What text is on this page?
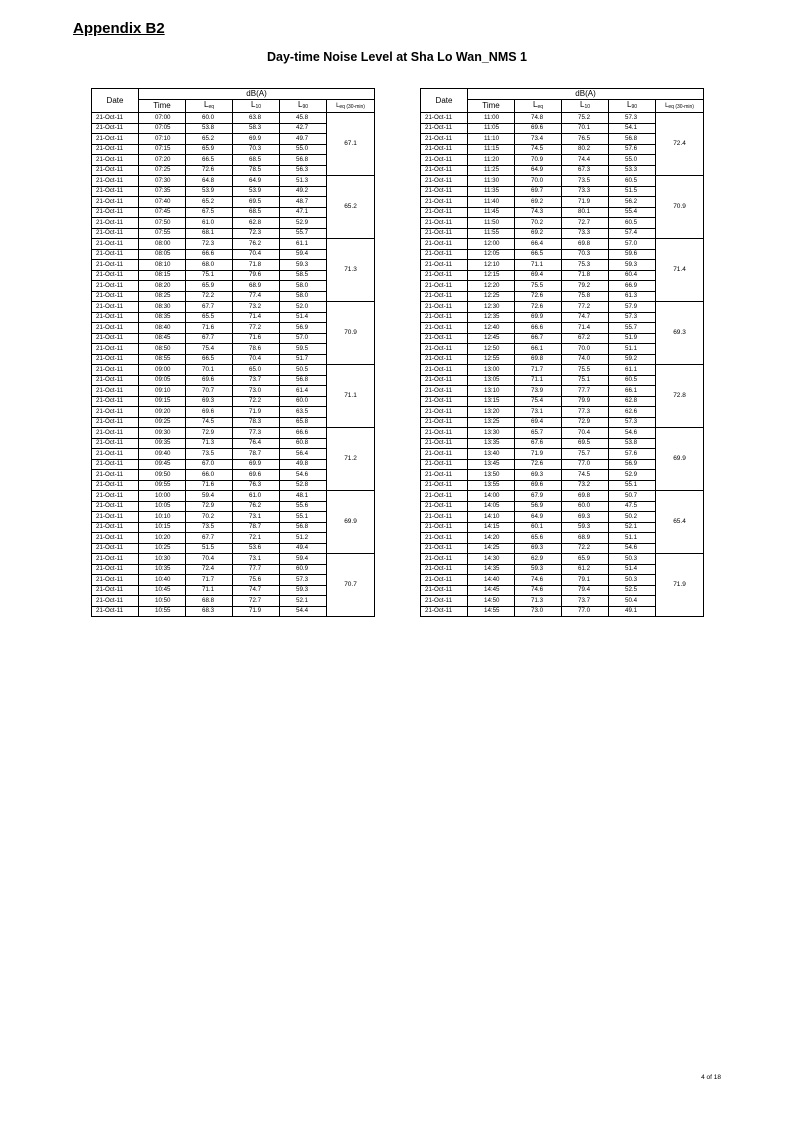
Appendix B2
Day-time Noise Level at Sha Lo Wan_NMS 1
Date	dB(A)				
	Time	$L_{eq}$	$L_{10}$	$L_{90}$	$L_{eq (30-min)}$
21-Oct-11	07:00	60.0	63.8	45.8	67.1
21-Oct-11	07:05	53.8	58.3	42.7	
21-Oct-11	07:10	65.2	69.9	49.7	
21-Oct-11	07:15	65.9	70.3	55.0	
21-Oct-11	07:20	66.5	68.5	56.8	
21-Oct-11	07:25	72.6	78.5	56.3	
21-Oct-11	07:30	64.8	64.9	51.3	65.2
21-Oct-11	07:35	53.9	53.9	49.2	
21-Oct-11	07:40	65.2	69.5	48.7	
21-Oct-11	07:45	67.5	68.5	47.1	
21-Oct-11	07:50	61.0	62.8	52.9	
21-Oct-11	07:55	68.1	72.3	55.7	
21-Oct-11	08:00	72.3	76.2	61.1	71.3
21-Oct-11	08:05	66.6	70.4	59.4	
21-Oct-11	08:10	68.0	71.8	59.3	
21-Oct-11	08:15	75.1	79.6	58.5	
21-Oct-11	08:20	65.9	68.9	58.0	
21-Oct-11	08:25	72.2	77.4	58.0	
21-Oct-11	08:30	67.7	73.2	52.0	70.9
21-Oct-11	08:35	65.5	71.4	51.4	
21-Oct-11	08:40	71.6	77.2	56.9	
21-Oct-11	08:45	67.7	71.6	57.0	
21-Oct-11	08:50	75.4	78.6	59.5	
21-Oct-11	08:55	66.5	70.4	51.7	
21-Oct-11	09:00	70.1	65.0	50.5	71.1
21-Oct-11	09:05	69.6	73.7	56.8	
21-Oct-11	09:10	70.7	73.0	61.4	
21-Oct-11	09:15	69.3	72.2	60.0	
21-Oct-11	09:20	69.6	71.9	63.5	
21-Oct-11	09:25	74.5	78.3	65.8	
21-Oct-11	09:30	72.9	77.3	66.6	71.2
21-Oct-11	09:35	71.3	76.4	60.8	
21-Oct-11	09:40	73.5	78.7	56.4	
21-Oct-11	09:45	67.0	69.9	49.8	
21-Oct-11	09:50	66.0	69.6	54.6	
21-Oct-11	09:55	71.6	76.3	52.8	
21-Oct-11	10:00	59.4	61.0	48.1	69.9
21-Oct-11	10:05	72.9	76.2	55.6	
21-Oct-11	10:10	70.2	73.1	55.1	
21-Oct-11	10:15	73.5	78.7	56.8	
21-Oct-11	10:20	67.7	72.1	51.2	
21-Oct-11	10:25	51.5	53.6	49.4	
21-Oct-11	10:30	70.4	73.1	59.4	70.7
21-Oct-11	10:35	72.4	77.7	60.9	
21-Oct-11	10:40	71.7	75.6	57.3	
21-Oct-11	10:45	71.1	74.7	59.3	
21-Oct-11	10:50	68.8	72.7	52.1	
21-Oct-11	10:55	68.3	71.9	54.4	
Date	dB(A)				
	Time	$L_{eq}$	$L_{10}$	$L_{90}$	$L_{eq (30-min)}$
21-Oct-11	11:00	74.8	75.2	57.3	72.4
21-Oct-11	11:05	69.6	70.1	54.1	
21-Oct-11	11:10	73.4	76.5	56.8	
21-Oct-11	11:15	74.5	80.2	57.6	
21-Oct-11	11:20	70.9	74.4	55.0	
21-Oct-11	11:25	64.9	67.3	53.3	
21-Oct-11	11:30	70.0	73.5	60.5	70.9
21-Oct-11	11:35	69.7	73.3	51.5	
21-Oct-11	11:40	69.2	71.9	56.2	
21-Oct-11	11:45	74.3	80.1	55.4	
21-Oct-11	11:50	70.2	72.7	60.5	
21-Oct-11	11:55	69.2	73.3	57.4	
21-Oct-11	12:00	66.4	69.8	57.0	71.4
21-Oct-11	12:05	66.5	70.3	59.6	
21-Oct-11	12:10	71.1	75.3	59.3	
21-Oct-11	12:15	69.4	71.8	60.4	
21-Oct-11	12:20	75.5	79.2	66.9	
21-Oct-11	12:25	72.6	75.8	61.3	
21-Oct-11	12:30	72.6	77.2	57.9	69.3
21-Oct-11	12:35	69.9	74.7	57.3	
21-Oct-11	12:40	66.6	71.4	55.7	
21-Oct-11	12:45	66.7	67.2	51.9	
21-Oct-11	12:50	66.1	70.0	51.1	
21-Oct-11	12:55	69.8	74.0	59.2	
21-Oct-11	13:00	71.7	75.5	61.1	72.8
21-Oct-11	13:05	71.1	75.1	60.5	
21-Oct-11	13:10	73.9	77.7	66.1	
21-Oct-11	13:15	75.4	79.9	62.8	
21-Oct-11	13:20	73.1	77.3	62.6	
21-Oct-11	13:25	69.4	72.9	57.3	
21-Oct-11	13:30	65.7	70.4	54.6	69.9
21-Oct-11	13:35	67.6	69.5	53.8	
21-Oct-11	13:40	71.9	75.7	57.6	
21-Oct-11	13:45	72.6	77.0	56.9	
21-Oct-11	13:50	69.3	74.5	52.9	
21-Oct-11	13:55	69.6	73.2	55.1	
21-Oct-11	14:00	67.9	69.8	50.7	65.4
21-Oct-11	14:05	56.9	60.0	47.5	
21-Oct-11	14:10	64.9	69.3	50.2	
21-Oct-11	14:15	60.1	59.3	52.1	
21-Oct-11	14:20	65.6	68.9	51.1	
21-Oct-11	14:25	69.3	72.2	54.6	
21-Oct-11	14:30	62.9	65.9	50.3	71.9
21-Oct-11	14:35	59.3	61.2	51.4	
21-Oct-11	14:40	74.6	79.1	50.3	
21-Oct-11	14:45	74.6	79.4	52.5	
21-Oct-11	14:50	71.3	73.7	50.4	
21-Oct-11	14:55	73.0	77.0	49.1	

4 of 18
